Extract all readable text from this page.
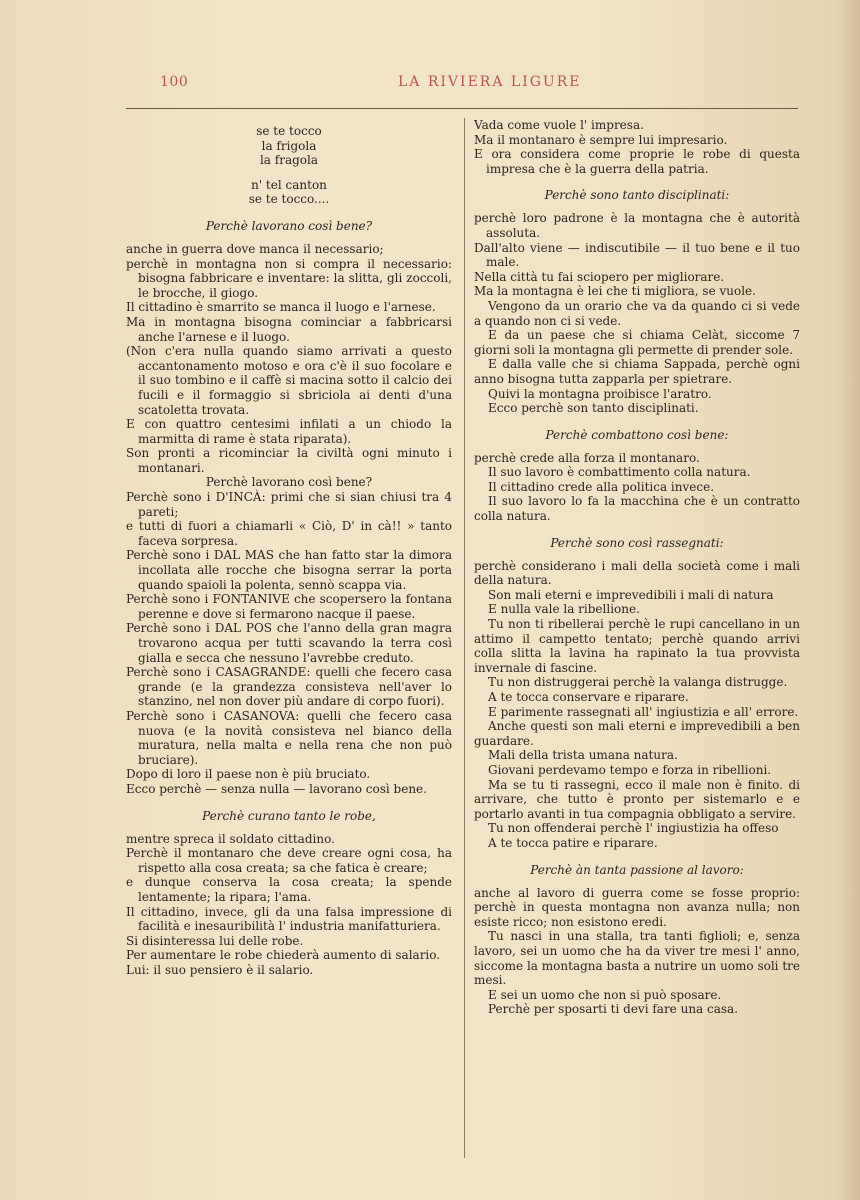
100	LA RIVIERA LIGURE
se te tocco
la frigola
la fragola
n' tel canton
se te tocco....
Perchè lavorano così bene?

anche in guerra dove manca il necessario;

perchè in montagna non si compra il necessario: bisogna fabbricare e inventare: la slitta, gli zoccoli, le brocche, il giogo.

Il cittadino è smarrito se manca il luogo e l'arnese.

Ma in montagna bisogna cominciar a fabbricarsi anche l'arnese e il luogo.

(Non c'era nulla quando siamo arrivati a questo accantonamento motoso e ora c'è il suo focolare e il suo tombino e il caffè si macina sotto il calcio dei fucili e il formaggio si sbriciola ai denti d'una scatoletta trovata.

E con quattro centesimi infilati a un chiodo la marmitta di rame è stata riparata).

Son pronti a ricominciar la civiltà ogni minuto i montanari.

Perchè lavorano così bene?

Perchè sono i D'INCÀ: primi che si sian chiusi tra 4 pareti;

e tutti di fuori a chiamarli « Ciò, D' in cà!! » tanto faceva sorpresa.

Perchè sono i DAL MAS che han fatto star la dimora incollata alle rocche che bisogna serrar la porta quando spaioli la polenta, sennò scappa via.

Perchè sono i FONTANIVE che scopersero la fontana perenne e dove si fermarono nacque il paese.

Perchè sono i DAL POS che l'anno della gran magra trovarono acqua per tutti scavando la terra così gialla e secca che nessuno l'avrebbe creduto.

Perchè sono i CASAGRANDE: quelli che fecero casa grande (e la grandezza consisteva nell'aver lo stanzino, nel non dover più andare di corpo fuori).

Perchè sono i CASANOVA: quelli che fecero casa nuova (e la novità consisteva nel bianco della muratura, nella malta e nella rena che non può bruciare).

Dopo di loro il paese non è più bruciato.

Ecco perchè — senza nulla — lavorano così bene.

Perchè curano tanto le robe,

mentre spreca il soldato cittadino.

Perchè il montanaro che deve creare ogni cosa, ha rispetto alla cosa creata; sa che fatica è creare;

e dunque conserva la cosa creata; la spende lentamente; la ripara; l'ama.

Il cittadino, invece, gli da una falsa impressione di facilità e inesauribilità l' industria manifatturiera.

Si disinteressa lui delle robe.

Per aumentare le robe chiederà aumento di salario.

Lui: il suo pensiero è il salario.

Vada come vuole l' impresa.

Ma il montanaro è sempre lui impresario.

E ora considera come proprie le robe di questa impresa che è la guerra della patria.

Perchè sono tanto disciplinati:

perchè loro padrone è la montagna che è autorità assoluta.

Dall'alto viene — indiscutibile — il tuo bene e il tuo male.

Nella città tu fai sciopero per migliorare.

Ma la montagna è lei che ti migliora, se vuole.

Vengono da un orario che va da quando ci si vede a quando non ci si vede.

E da un paese che si chiama Celàt, siccome 7 giorni soli la montagna gli permette di prender sole.

E dalla valle che si chiama Sappada, perchè ogni anno bisogna tutta zapparla per spietrare.

Quivi la montagna proibisce l'aratro.

Ecco perchè son tanto disciplinati.

Perchè combattono così bene:

perchè crede alla forza il montanaro.

Il suo lavoro è combattimento colla natura.

Il cittadino crede alla politica invece.

Il suo lavoro lo fa la macchina che è un contratto colla natura.

Perchè sono così rassegnati:

perchè considerano i mali della società come i mali della natura.

Son mali eterni e imprevedibili i mali di natura

E nulla vale la ribellione.

Tu non ti ribellerai perchè le rupi cancellano in un attimo il campetto tentato; perchè quando arrivi colla slitta la lavina ha rapinato la tua provvista invernale di fascine.

Tu non distruggerai perchè la valanga distrugge.

A te tocca conservare e riparare.

E parimente rassegnati all' ingiustizia e all' errore.

Anche questi son mali eterni e imprevedibili a ben guardare.

Mali della trista umana natura.

Giovani perdevamo tempo e forza in ribellioni.

Ma se tu ti rassegni, ecco il male non è finito. di arrivare, che tutto è pronto per sistemarlo e e portarlo avanti in tua compagnia obbligato a servire.

Tu non offenderai perchè l' ingiustizia ha offeso

A te tocca patire e riparare.

Perchè àn tanta passione al lavoro:

anche al lavoro di guerra come se fosse proprio: perchè in questa montagna non avanza nulla; non esiste ricco; non esistono eredi.

Tu nasci in una stalla, tra tanti figlioli; e, senza lavoro, sei un uomo che ha da viver tre mesi l' anno, siccome la montagna basta a nutrire un uomo soli tre mesi.

E sei un uomo che non si può sposare.

Perchè per sposarti ti devi fare una casa.
